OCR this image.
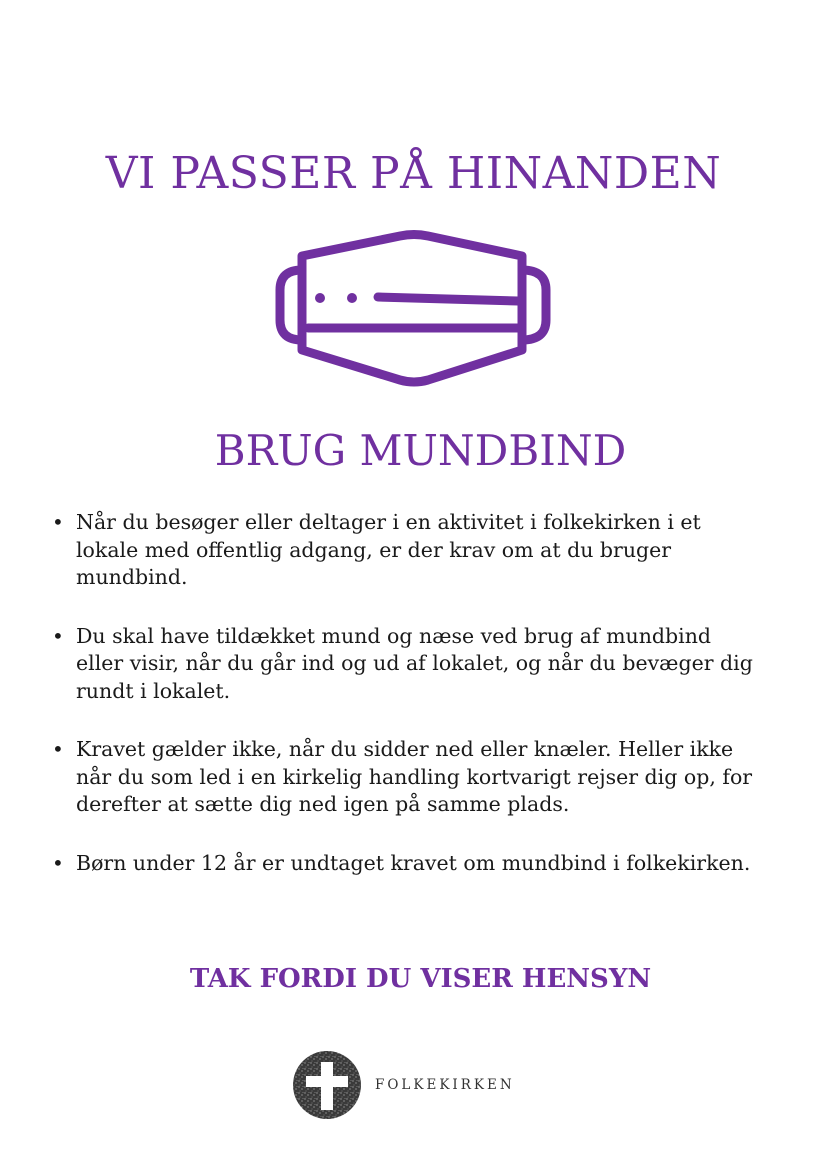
VI PASSER PÅ HINANDEN
BRUG MUNDBIND
• Når du besøger eller deltager i en aktivitet i folkekirken i et lokale med offentlig adgang, er der krav om at du bruger mundbind.
• Du skal have tildækket mund og næse ved brug af mundbind eller visir, når du går ind og ud af lokalet, og når du bevæger dig rundt i lokalet.
• Kravet gælder ikke, når du sidder ned eller knæler. Heller ikke når du som led i en kirkelig handling kortvarigt rejser dig op, for derefter at sætte dig ned igen på samme plads.
• Børn under 12 år er undtaget kravet om mundbind i folkekirken.
TAK FORDI DU VISER HENSYN
FOLKEKIRKEN
